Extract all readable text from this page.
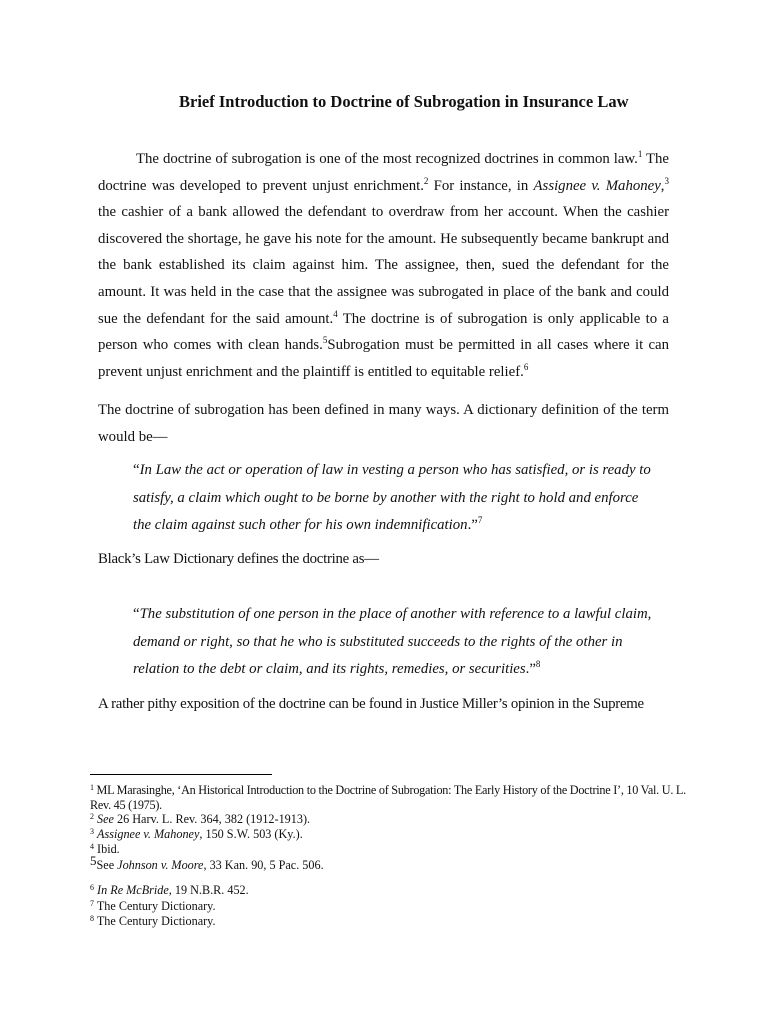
Brief Introduction to Doctrine of Subrogation in Insurance Law

The doctrine of subrogation is one of the most recognized doctrines in common law.$^1$ The doctrine was developed to prevent unjust enrichment.$^2$ For instance, in Assignee v. Mahoney,$^3$ the cashier of a bank allowed the defendant to overdraw from her account. When the cashier discovered the shortage, he gave his note for the amount. He subsequently became bankrupt and the bank established its claim against him. The assignee, then, sued the defendant for the amount. It was held in the case that the assignee was subrogated in place of the bank and could sue the defendant for the said amount.$^4$ The doctrine is of subrogation is only applicable to a person who comes with clean hands.$^5$Subrogation must be permitted in all cases where it can prevent unjust enrichment and the plaintiff is entitled to equitable relief.$^6$

The doctrine of subrogation has been defined in many ways. A dictionary definition of the term would be—

“In Law the act or operation of law in vesting a person who has satisfied, or is ready to satisfy, a claim which ought to be borne by another with the right to hold and enforce the claim against such other for his own indemnification.”$^7$

Black’s Law Dictionary defines the doctrine as—

“The substitution of one person in the place of another with reference to a lawful claim, demand or right, so that he who is substituted succeeds to the rights of the other in relation to the debt or claim, and its rights, remedies, or securities.”$^8$

A rather pithy exposition of the doctrine can be found in Justice Miller’s opinion in the Supreme

$^1$ ML Marasinghe, ‘An Historical Introduction to the Doctrine of Subrogation: The Early History of the Doctrine I’, 10 Val. U. L. Rev. 45 (1975).

$^2$ See 26 Harv. L. Rev. 364, 382 (1912-1913).

$^3$ Assignee v. Mahoney, 150 S.W. 503 (Ky.).

$^4$ Ibid.

$^5$See Johnson v. Moore, 33 Kan. 90, 5 Pac. 506.

$^6$ In Re McBride, 19 N.B.R. 452.

$^7$ The Century Dictionary.

$^8$ The Century Dictionary.
